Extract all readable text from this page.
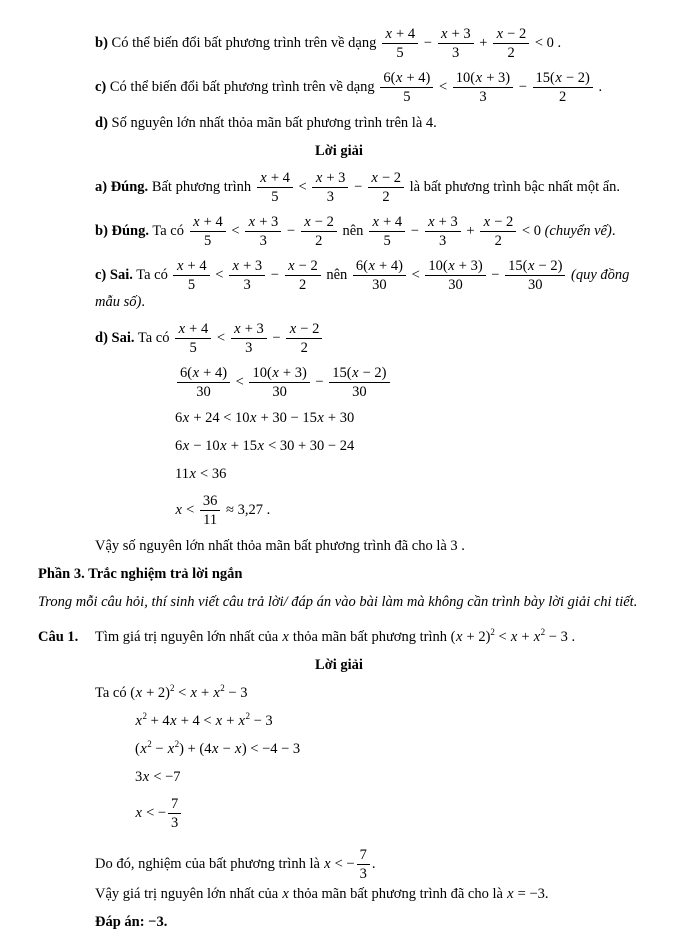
b) Có thể biến đổi bất phương trình trên về dạng $\frac{x + 4}{5} - \frac{x + 3}{3} + \frac{x - 2}{2} < 0$ .
c) Có thể biến đổi bất phương trình trên về dạng $\frac{6(x + 4)}{5} < \frac{10(x + 3)}{3} - \frac{15(x - 2)}{2}$ .
d) Số nguyên lớn nhất thỏa mãn bất phương trình trên là 4.
Lời giải
a) Đúng. Bất phương trình $\frac{x + 4}{5} < \frac{x + 3}{3} - \frac{x - 2}{2}$ là bất phương trình bậc nhất một ẩn.
b) Đúng. Ta có $\frac{x + 4}{5} < \frac{x + 3}{3} - \frac{x - 2}{2}$ nên $\frac{x + 4}{5} - \frac{x + 3}{3} + \frac{x - 2}{2} < 0$ (chuyển vế).
c) Sai. Ta có $\frac{x + 4}{5} < \frac{x + 3}{3} - \frac{x - 2}{2}$ nên $\frac{6(x + 4)}{30} < \frac{10(x + 3)}{30} - \frac{15(x - 2)}{30} (quy$ đồng mẫu số).
d) Sai. Ta có $\frac{x + 4}{5} < \frac{x + 3}{3} - \frac{x - 2}{2}$
$\frac{6(x + 4)}{30} < \frac{10(x + 3)}{30} - \frac{15(x - 2)}{30}$
6x + 24 < 10x + 30 − 15x + 30
6x − 10x + 15x < 30 + 30 − 24
11x < 36
$x < \frac{36}{11} \approx 3,27$ .
Vậy số nguyên lớn nhất thỏa mãn bất phương trình đã cho là 3 .
Phần 3. Trắc nghiệm trả lời ngắn
Trong mỗi câu hỏi, thí sinh viết câu trả lời/ đáp án vào bài làm mà không cần trình bày lời giải chi tiết.
Câu 1. Tìm giá trị nguyên lớn nhất của x thỏa mãn bất phương trình $(x + 2)^2 < x + x^2 - 3$ .
Lời giải
Ta có $(x + 2)^2 < x + x^2 - 3$
$x^2 + 4x + 4 < x + x^2 - 3$
$(x^2 - x^2) + (4x - x) < -4 - 3$
3x < −7
x < − $\frac{7}{3}$
Do đó, nghiệm của bất phương trình là x < − $\frac{7}{3}$ .
Vậy giá trị nguyên lớn nhất của x thỏa mãn bất phương trình đã cho là x = −3.
Đáp án: −3.
